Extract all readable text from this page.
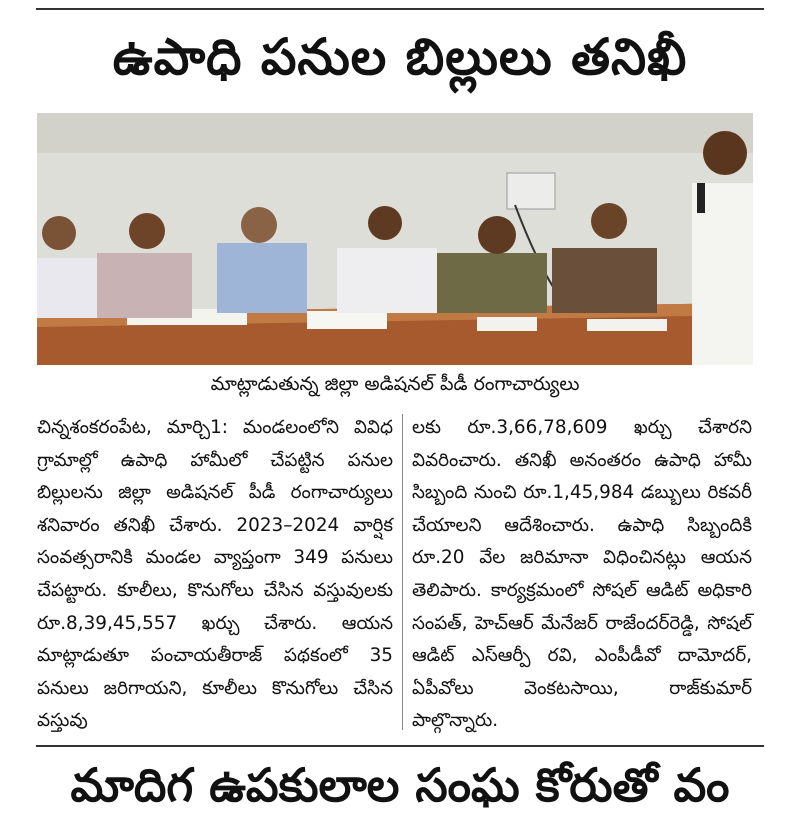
ఉపాధి పనుల బిల్లులు తనిఖీ
మాట్లాడుతున్న జిల్లా అడిషనల్ పీడీ రంగాచార్యులు

చిన్నశంకరంపేట, మార్చి1: మండలంలోని వివిధ గ్రామాల్లో ఉపాధి హామీలో చేపట్టిన పనుల బిల్లులను జిల్లా అడిషనల్ పీడీ రంగాచార్యులు శనివారం తనిఖీ చేశారు. 2023–2024 వార్షిక సంవత్సరానికి మండల వ్యాప్తంగా 349 పనులు చేపట్టారు. కూలీలు, కొనుగోలు చేసిన వస్తువులకు రూ.8,39,45,557 ఖర్చు చేశారు. ఆయన మాట్లాడుతూ పంచాయతీరాజ్ పథకంలో 35 పనులు జరిగాయని, కూలీలు కొనుగోలు చేసిన వస్తువు

లకు రూ.3,66,78,609 ఖర్చు చేశారని వివరించారు. తనిఖీ అనంతరం ఉపాధి హామీ సిబ్బంది నుంచి రూ.1,45,984 డబ్బులు రికవరీ చేయాలని ఆదేశించారు. ఉపాధి సిబ్బందికి రూ.20 వేల జరిమానా విధించినట్లు ఆయన తెలిపారు. కార్యక్రమంలో సోషల్ ఆడిట్ అధికారి సంపత్, హెచ్ఆర్ మేనేజర్ రాజేందర్‌రెడ్డి, సోషల్ ఆడిట్ ఎస్ఆర్పీ రవి, ఎంపీడీవో దామోదర్, ఏపీవోలు వెంకటసాయి, రాజ్‌కుమార్ పాల్గొన్నారు.

మాదిగ ఉపకులాల సంఘ కోరుతో వం
